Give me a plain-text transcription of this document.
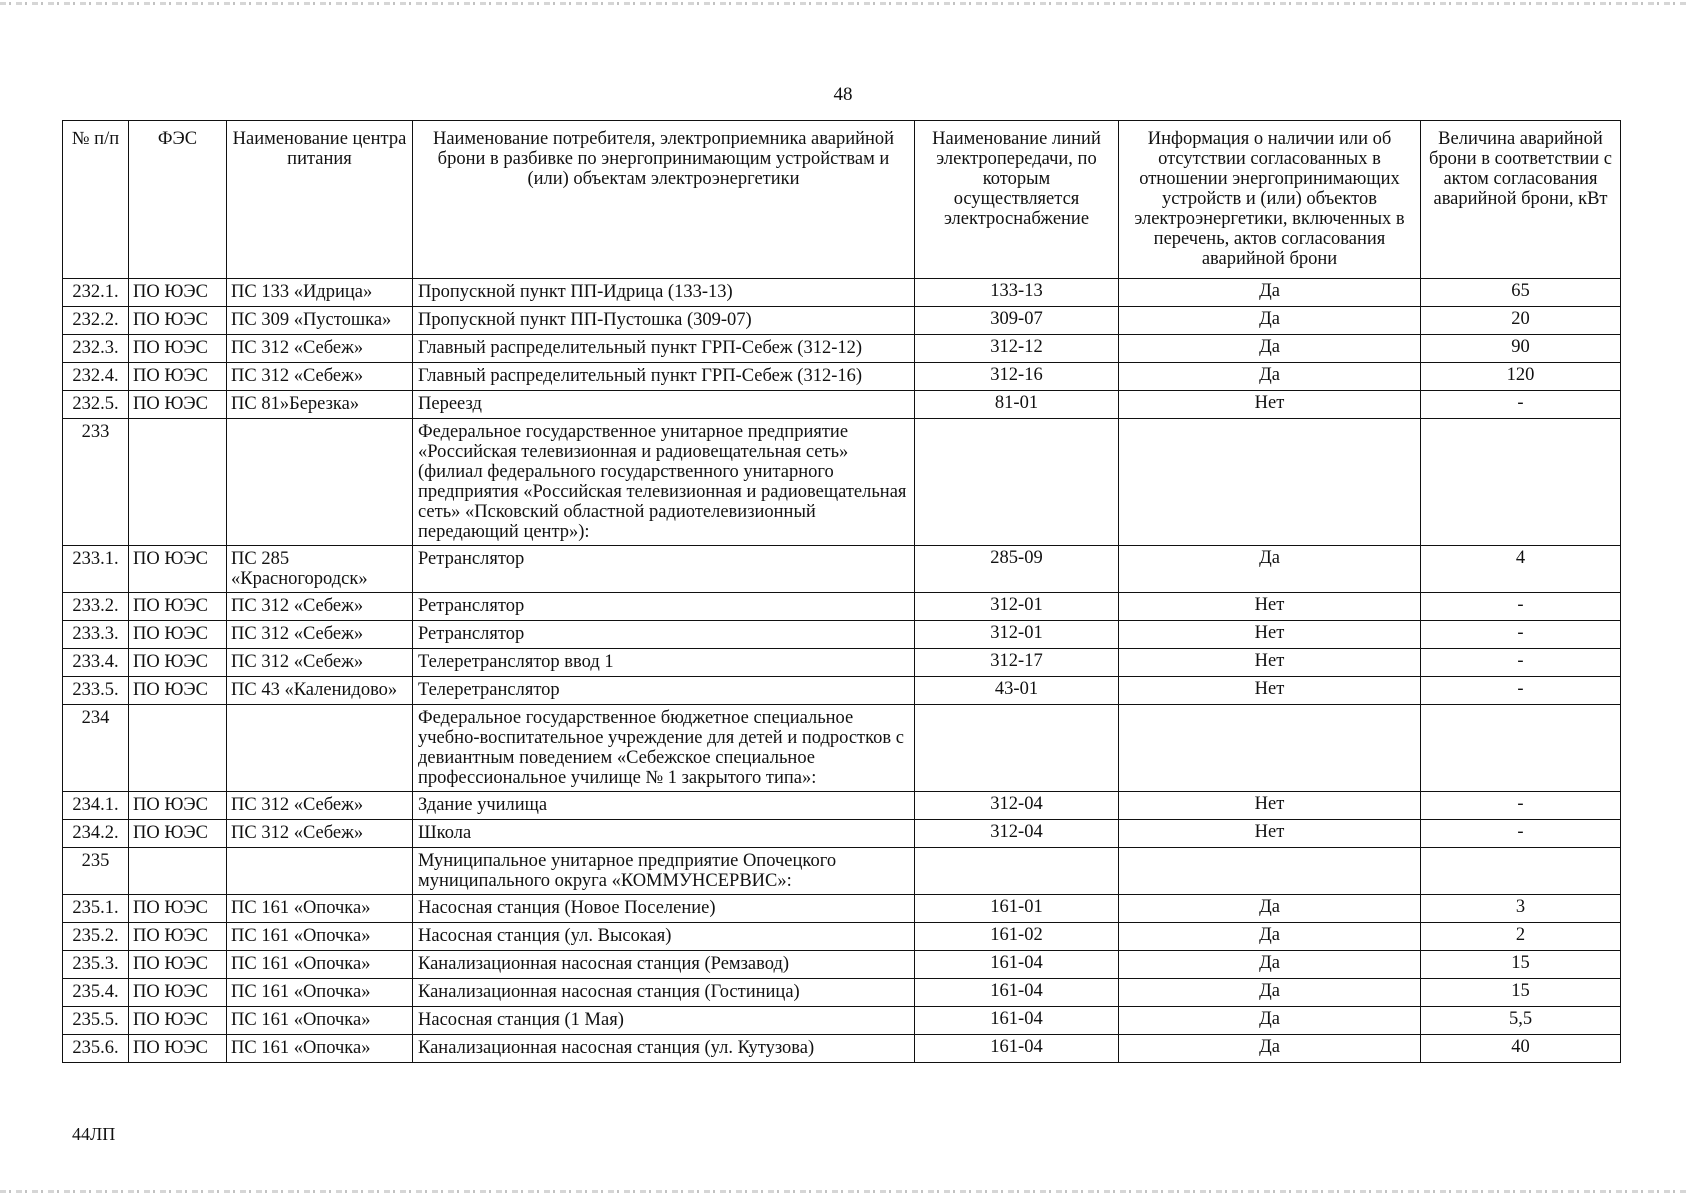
48
№ п/п	ФЭС	Наименование центра питания	Наименование потребителя, электроприемника аварийной брони в разбивке по энергопринимающим устройствам и (или) объектам электроэнергетики	Наименование линий электропередачи, по которым осуществляется электроснабжение	Информация о наличии или об отсутствии согласованных в отношении энергопринимающих устройств и (или) объектов электроэнергетики, включенных в перечень, актов согласования аварийной брони	Величина аварийной брони в соответствии с актом согласования аварийной брони, кВт
232.1.	ПО ЮЭС	ПС 133 «Идрица»	Пропускной пункт ПП-Идрица (133-13)	133-13	Да	65
232.2.	ПО ЮЭС	ПС 309 «Пустошка»	Пропускной пункт ПП-Пустошка (309-07)	309-07	Да	20
232.3.	ПО ЮЭС	ПС 312 «Себеж»	Главный распределительный пункт ГРП-Себеж (312-12)	312-12	Да	90
232.4.	ПО ЮЭС	ПС 312 «Себеж»	Главный распределительный пункт ГРП-Себеж (312-16)	312-16	Да	120
232.5.	ПО ЮЭС	ПС 81»Березка»	Переезд	81-01	Нет	-
233			Федеральное государственное унитарное предприятие «Российская телевизионная и радиовещательная сеть» (филиал федерального государственного унитарного предприятия «Российская телевизионная и радиовещательная сеть» «Псковский областной радиотелевизионный передающий центр»):			
233.1.	ПО ЮЭС	ПС 285 «Красногородск»	Ретранслятор	285-09	Да	4
233.2.	ПО ЮЭС	ПС 312 «Себеж»	Ретранслятор	312-01	Нет	-
233.3.	ПО ЮЭС	ПС 312 «Себеж»	Ретранслятор	312-01	Нет	-
233.4.	ПО ЮЭС	ПС 312 «Себеж»	Телеретранслятор ввод 1	312-17	Нет	-
233.5.	ПО ЮЭС	ПС 43 «Каленидово»	Телеретранслятор	43-01	Нет	-
234			Федеральное государственное бюджетное специальное учебно-воспитательное учреждение для детей и подростков с девиантным поведением «Себежское специальное профессиональное училище № 1 закрытого типа»:			
234.1.	ПО ЮЭС	ПС 312 «Себеж»	Здание училища	312-04	Нет	-
234.2.	ПО ЮЭС	ПС 312 «Себеж»	Школа	312-04	Нет	-
235			Муниципальное унитарное предприятие Опочецкого муниципального округа «КОММУНСЕРВИС»:			
235.1.	ПО ЮЭС	ПС 161 «Опочка»	Насосная станция (Новое Поселение)	161-01	Да	3
235.2.	ПО ЮЭС	ПС 161 «Опочка»	Насосная станция (ул. Высокая)	161-02	Да	2
235.3.	ПО ЮЭС	ПС 161 «Опочка»	Канализационная насосная станция (Ремзавод)	161-04	Да	15
235.4.	ПО ЮЭС	ПС 161 «Опочка»	Канализационная насосная станция (Гостиница)	161-04	Да	15
235.5.	ПО ЮЭС	ПС 161 «Опочка»	Насосная станция (1 Мая)	161-04	Да	5,5
235.6.	ПО ЮЭС	ПС 161 «Опочка»	Канализационная насосная станция (ул. Кутузова)	161-04	Да	40
44ЛП
